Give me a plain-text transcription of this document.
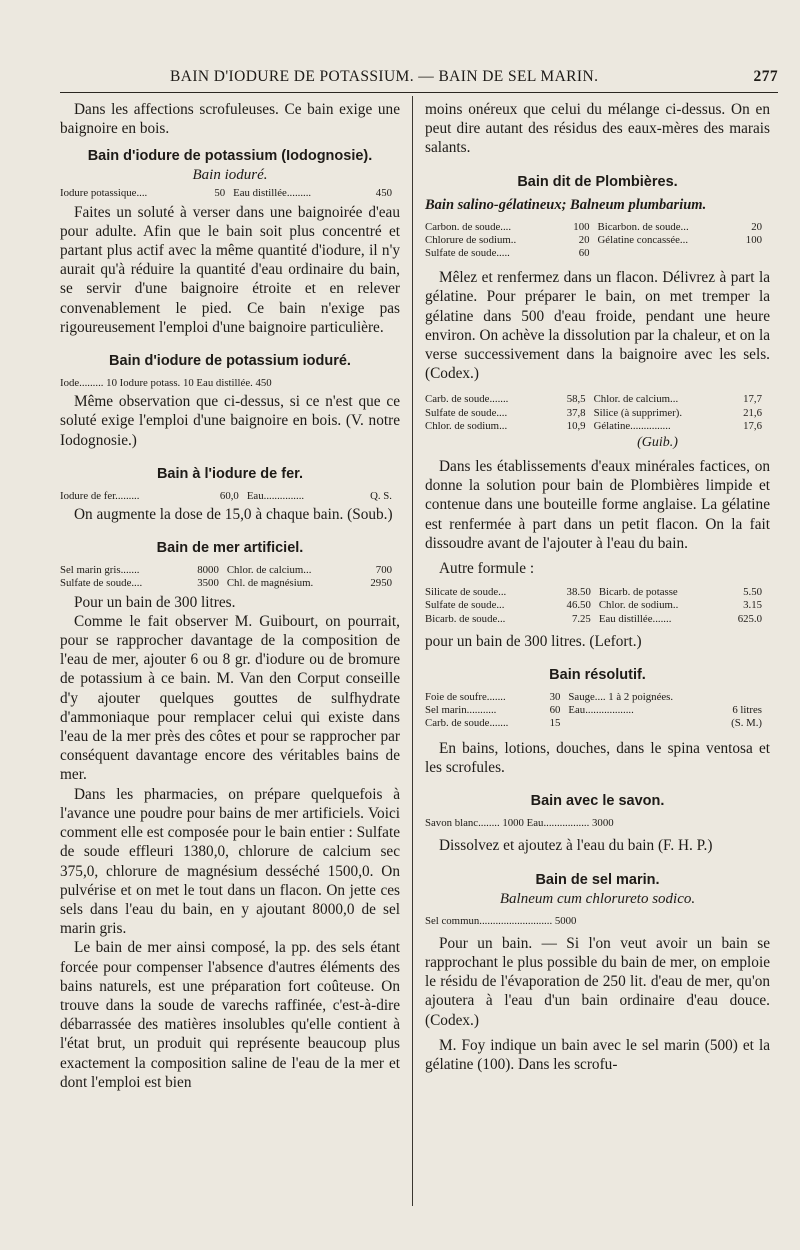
BAIN D'IODURE DE POTASSIUM. — BAIN DE SEL MARIN.	277

Dans les affections scrofuleuses. Ce bain exige une baignoire en bois.

Bain d'iodure de potassium (Iodognosie).
Bain ioduré.
Iodure potassique....	50	Eau distillée.........	450

Faites un soluté à verser dans une baignoirée d'eau pour adulte. Afin que le bain soit plus concentré et partant plus actif avec la même quantité d'iodure, il n'y aurait qu'à réduire la quantité d'eau ordinaire du bain, se servir d'une baignoire étroite et en relever convenablement le pied. Ce bain n'exige pas rigoureusement l'emploi d'une baignoire particulière.

Bain d'iodure de potassium ioduré.
Iode......... 10 Iodure potass. 10 Eau distillée. 450

Même observation que ci-dessus, si ce n'est que ce soluté exige l'emploi d'une baignoire en bois. (V. notre Iodognosie.)

Bain à l'iodure de fer.
Iodure de fer.........	60,0	Eau...............	Q. S.

On augmente la dose de 15,0 à chaque bain. (Soub.)

Bain de mer artificiel.
Sel marin gris.......	8000	Chlor. de calcium...	700
Sulfate de soude....	3500	Chl. de magnésium.	2950

Pour un bain de 300 litres.

Comme le fait observer M. Guibourt, on pourrait, pour se rapprocher davantage de la composition de l'eau de mer, ajouter 6 ou 8 gr. d'iodure ou de bromure de potassium à ce bain. M. Van den Corput conseille d'y ajouter quelques gouttes de sulfhydrate d'ammoniaque pour remplacer celui qui existe dans l'eau de la mer près des côtes et pour se rapprocher par conséquent davantage encore des véritables bains de mer.

Dans les pharmacies, on prépare quelquefois à l'avance une poudre pour bains de mer artificiels. Voici comment elle est composée pour le bain entier : Sulfate de soude effleuri 1380,0, chlorure de calcium sec 375,0, chlorure de magnésium desséché 1500,0. On pulvérise et on met le tout dans un flacon. On jette ces sels dans l'eau du bain, en y ajoutant 8000,0 de sel marin gris.

Le bain de mer ainsi composé, la pp. des sels étant forcée pour compenser l'absence d'autres éléments des bains naturels, est une préparation fort coûteuse. On trouve dans la soude de varechs raffinée, c'est-à-dire débarrassée des matières insolubles qu'elle contient à l'état brut, un produit qui représente beaucoup plus exactement la composition saline de l'eau de la mer et dont l'emploi est bien

moins onéreux que celui du mélange ci-dessus. On en peut dire autant des résidus des eaux-mères des marais salants.

Bain dit de Plombières.
Bain salino-gélatineux; Balneum plumbarium.
Carbon. de soude....	100	Bicarbon. de soude...	20
Chlorure de sodium..	20	Gélatine concassée...	100
Sulfate de soude.....	60		

Mêlez et renfermez dans un flacon. Délivrez à part la gélatine. Pour préparer le bain, on met tremper la gélatine dans 500 d'eau froide, pendant une heure environ. On achève la dissolution par la chaleur, et on la verse successivement dans la baignoire avec les sels. (Codex.)

Carb. de soude.......	58,5	Chlor. de calcium...	17,7
Sulfate de soude....	37,8	Silice (à supprimer).	21,6
Chlor. de sodium...	10,9	Gélatine...............	17,6
(Guib.)

Dans les établissements d'eaux minérales factices, on donne la solution pour bain de Plombières limpide et contenue dans une bouteille forme anglaise. La gélatine est renfermée à part dans un petit flacon. On la fait dissoudre avant de l'ajouter à l'eau du bain.

Autre formule :

Silicate de soude...	38.50	Bicarb. de potasse	5.50
Sulfate de soude...	46.50	Chlor. de sodium..	3.15
Bicarb. de soude...	7.25	Eau distillée.......	625.0

pour un bain de 300 litres. (Lefort.)

Bain résolutif.
Foie de soufre.......	30	Sauge.... 1 à 2 poignées.	
Sel marin...........	60	Eau..................	6 litres
Carb. de soude.......	15		(S. M.)

En bains, lotions, douches, dans le spina ventosa et les scrofules.

Bain avec le savon.
Savon blanc........ 1000 Eau................. 3000

Dissolvez et ajoutez à l'eau du bain (F. H. P.)

Bain de sel marin.
Balneum cum chlorureto sodico.
Sel commun........................... 5000

Pour un bain. — Si l'on veut avoir un bain se rapprochant le plus possible du bain de mer, on emploie le résidu de l'évaporation de 250 lit. d'eau de mer, qu'on ajoutera à l'eau d'un bain ordinaire d'eau douce. (Codex.)

M. Foy indique un bain avec le sel marin (500) et la gélatine (100). Dans les scrofu-
